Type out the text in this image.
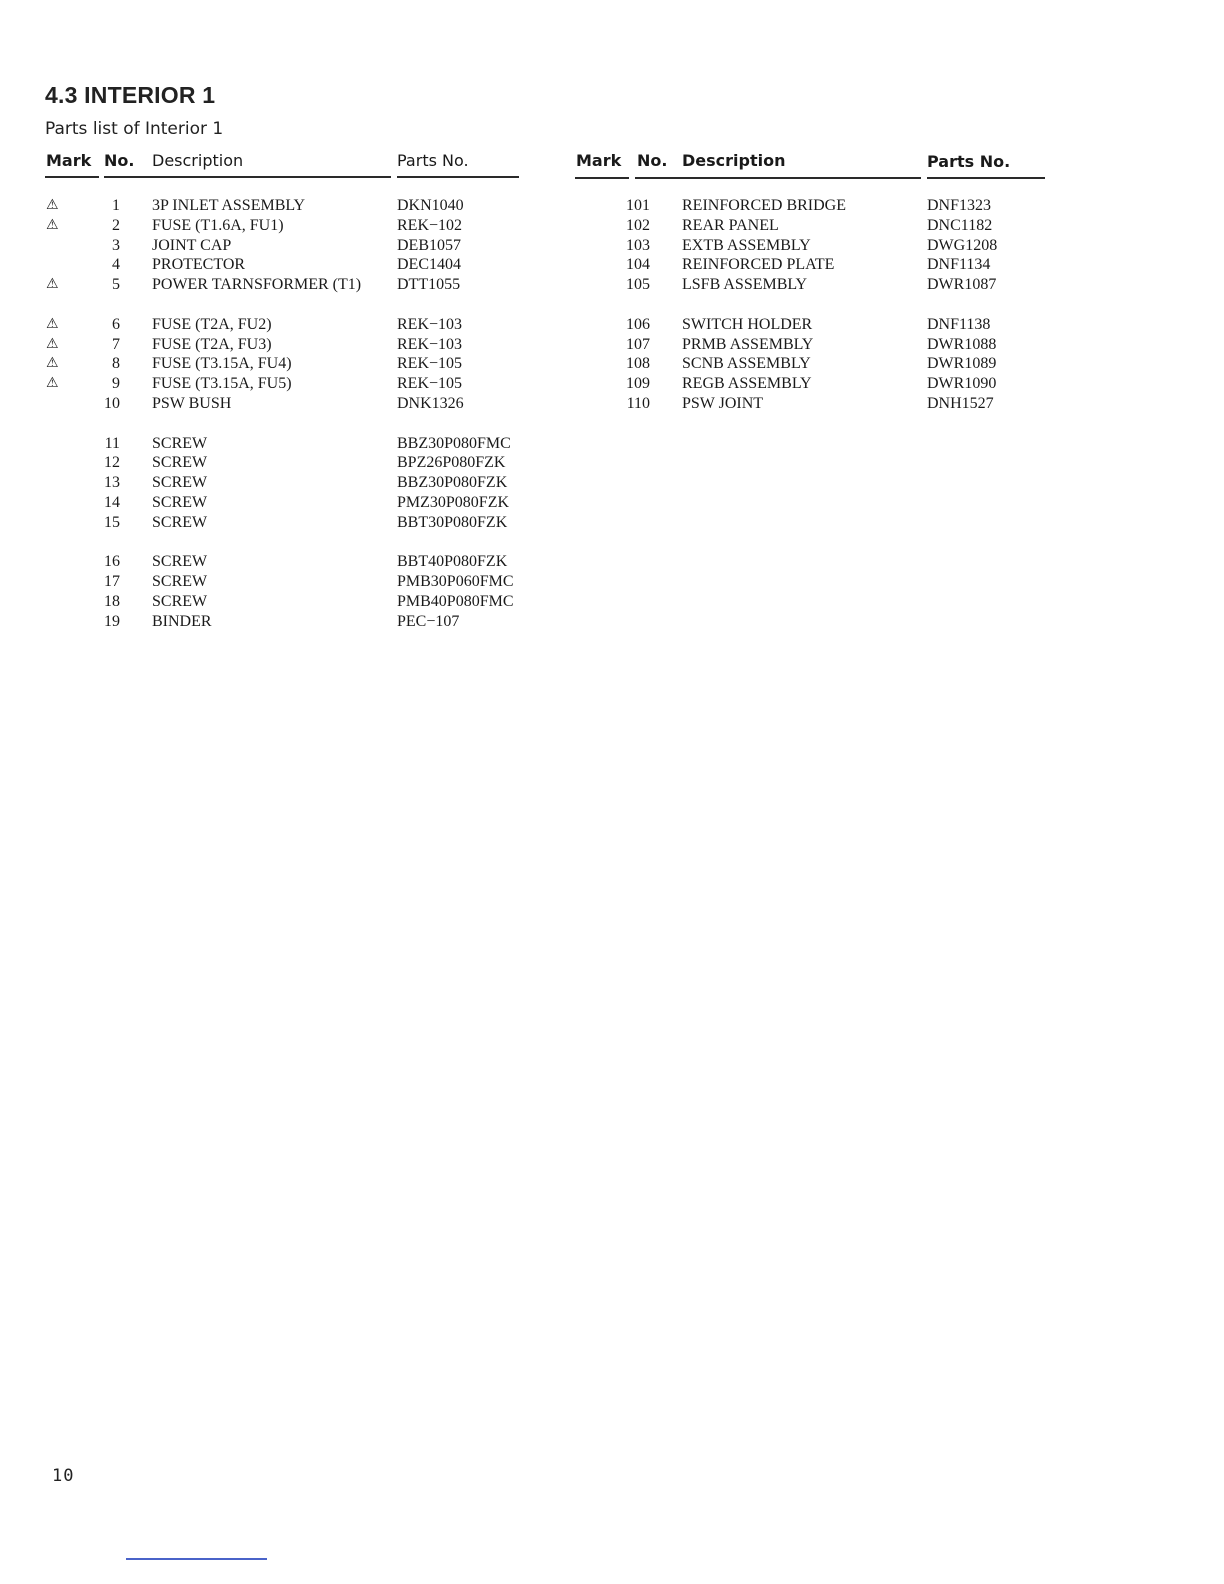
4.3 INTERIOR 1

Parts list of Interior 1

Mark No. Description	Parts No.	Mark No. Description	Parts No.
⚠	1 3P INLET ASSEMBLY	DKN1040
⚠	2 FUSE (T1.6A, FU1)	REK−102
3 JOINT CAP	DEB1057
4 PROTECTOR	DEC1404
⚠	5 POWER TARNSFORMER (T1) DTT1055
⚠	6 FUSE (T2A, FU2)	REK−103
⚠	7 FUSE (T2A, FU3)	REK−103
⚠	8 FUSE (T3.15A, FU4)	REK−105
⚠	9 FUSE (T3.15A, FU5)	REK−105
10 PSW BUSH	DNK1326
11 SCREW	BBZ30P080FMC
12 SCREW	BPZ26P080FZK
13 SCREW	BBZ30P080FZK
14 SCREW	PMZ30P080FZK
15 SCREW	BBT30P080FZK
16 SCREW	BBT40P080FZK
17 SCREW	PMB30P060FMC
18 SCREW	PMB40P080FMC
19 BINDER	PEC−107
101 REINFORCED BRIDGE	DNF1323
102 REAR PANEL	DNC1182
103 EXTB ASSEMBLY	DWG1208
104 REINFORCED PLATE	DNF1134
105 LSFB ASSEMBLY	DWR1087
106 SWITCH HOLDER	DNF1138
107 PRMB ASSEMBLY	DWR1088
108 SCNB ASSEMBLY	DWR1089
109 REGB ASSEMBLY	DWR1090
110 PSW JOINT	DNH1527
10
